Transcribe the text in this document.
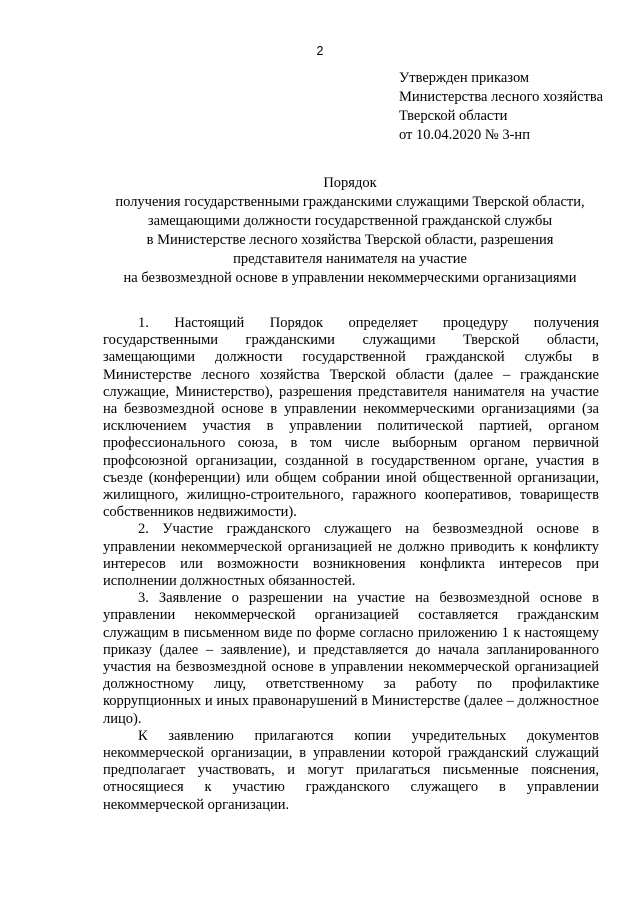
2
Утвержден приказом
Министерства лесного хозяйства
Тверской области
от 10.04.2020 № 3-нп
Порядок
получения государственными гражданскими служащими Тверской области,
замещающими должности государственной гражданской службы
в Министерстве лесного хозяйства Тверской области, разрешения
представителя нанимателя на участие
на безвозмездной основе в управлении некоммерческими организациями

1. Настоящий Порядок определяет процедуру получения государственными гражданскими служащими Тверской области, замещающими должности государственной гражданской службы в Министерстве лесного хозяйства Тверской области (далее – гражданские служащие, Министерство), разрешения представителя нанимателя на участие на безвозмездной основе в управлении некоммерческими организациями (за исключением участия в управлении политической партией, органом профессионального союза, в том числе выборным органом первичной профсоюзной организации, созданной в государственном органе, участия в съезде (конференции) или общем собрании иной общественной организации, жилищного, жилищно-строительного, гаражного кооперативов, товариществ собственников недвижимости).

2. Участие гражданского служащего на безвозмездной основе в управлении некоммерческой организацией не должно приводить к конфликту интересов или возможности возникновения конфликта интересов при исполнении должностных обязанностей.

3. Заявление о разрешении на участие на безвозмездной основе в управлении некоммерческой организацией составляется гражданским служащим в письменном виде по форме согласно приложению 1 к настоящему приказу (далее – заявление), и представляется до начала запланированного участия на безвозмездной основе в управлении некоммерческой организацией должностному лицу, ответственному за работу по профилактике коррупционных и иных правонарушений в Министерстве (далее – должностное лицо).

К заявлению прилагаются копии учредительных документов некоммерческой организации, в управлении которой гражданский служащий предполагает участвовать, и могут прилагаться письменные пояснения, относящиеся к участию гражданского служащего в управлении некоммерческой организации.
